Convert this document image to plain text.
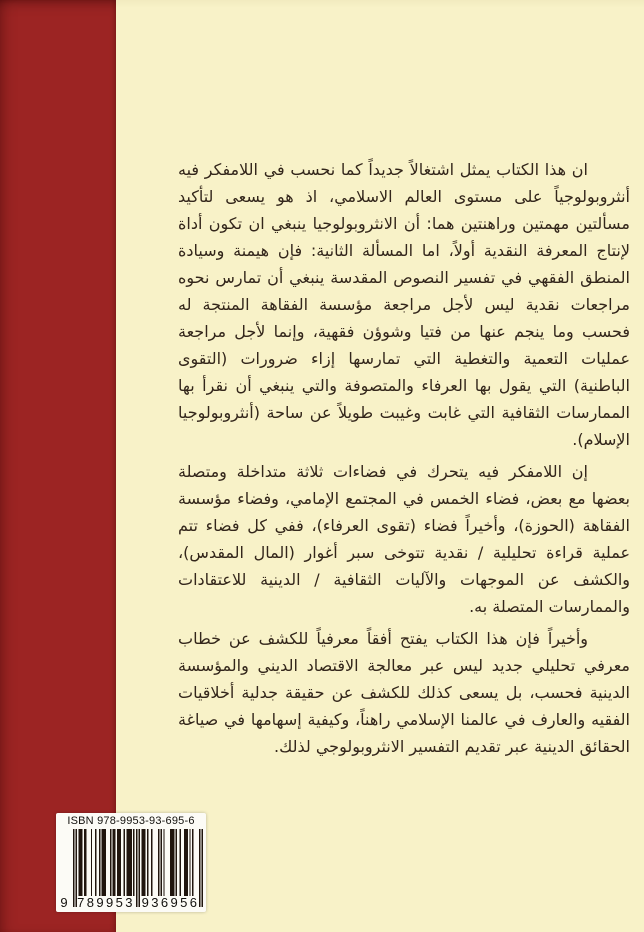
ان هذا الكتاب يمثل اشتغالاً جديداً كما نحسب في اللامفكر فيه أنثروبولوجياً على مستوى العالم الاسلامي، اذ هو يسعى لتأكيد مسألتين مهمتين وراهنتين هما: أن الانثروبولوجيا ينبغي ان تكون أداة لإنتاج المعرفة النقدية أولاً، اما المسألة الثانية: فإن هيمنة وسيادة المنطق الفقهي في تفسير النصوص المقدسة ينبغي أن تمارس نحوه مراجعات نقدية ليس لأجل مراجعة مؤسسة الفقاهة المنتجة له فحسب وما ينجم عنها من فتيا وشوؤن فقهية، وإنما لأجل مراجعة عمليات التعمية والتغطية التي تمارسها إزاء ضرورات (التقوى الباطنية) التي يقول بها العرفاء والمتصوفة والتي ينبغي أن نقرأ بها الممارسات الثقافية التي غابت وغيبت طويلاً عن ساحة (أنثروبولوجيا الإسلام).

إن اللامفكر فيه يتحرك في فضاءات ثلاثة متداخلة ومتصلة بعضها مع بعض، فضاء الخمس في المجتمع الإمامي، وفضاء مؤسسة الفقاهة (الحوزة)، وأخيراً فضاء (تقوى العرفاء)، ففي كل فضاء تتم عملية قراءة تحليلية / نقدية تتوخى سبر أغوار (المال المقدس)، والكشف عن الموجهات والآليات الثقافية / الدينية للاعتقادات والممارسات المتصلة به.

وأخيراً فإن هذا الكتاب يفتح أفقاً معرفياً للكشف عن خطاب معرفي تحليلي جديد ليس عبر معالجة الاقتصاد الديني والمؤسسة الدينية فحسب، بل يسعى كذلك للكشف عن حقيقة جدلية أخلاقيات الفقيه والعارف في عالمنا الإسلامي راهناً، وكيفية إسهامها في صياغة الحقائق الدينية عبر تقديم التفسير الانثروبولوجي لذلك.

ISBN 978-9953-93-695-6
9 789953 936956
